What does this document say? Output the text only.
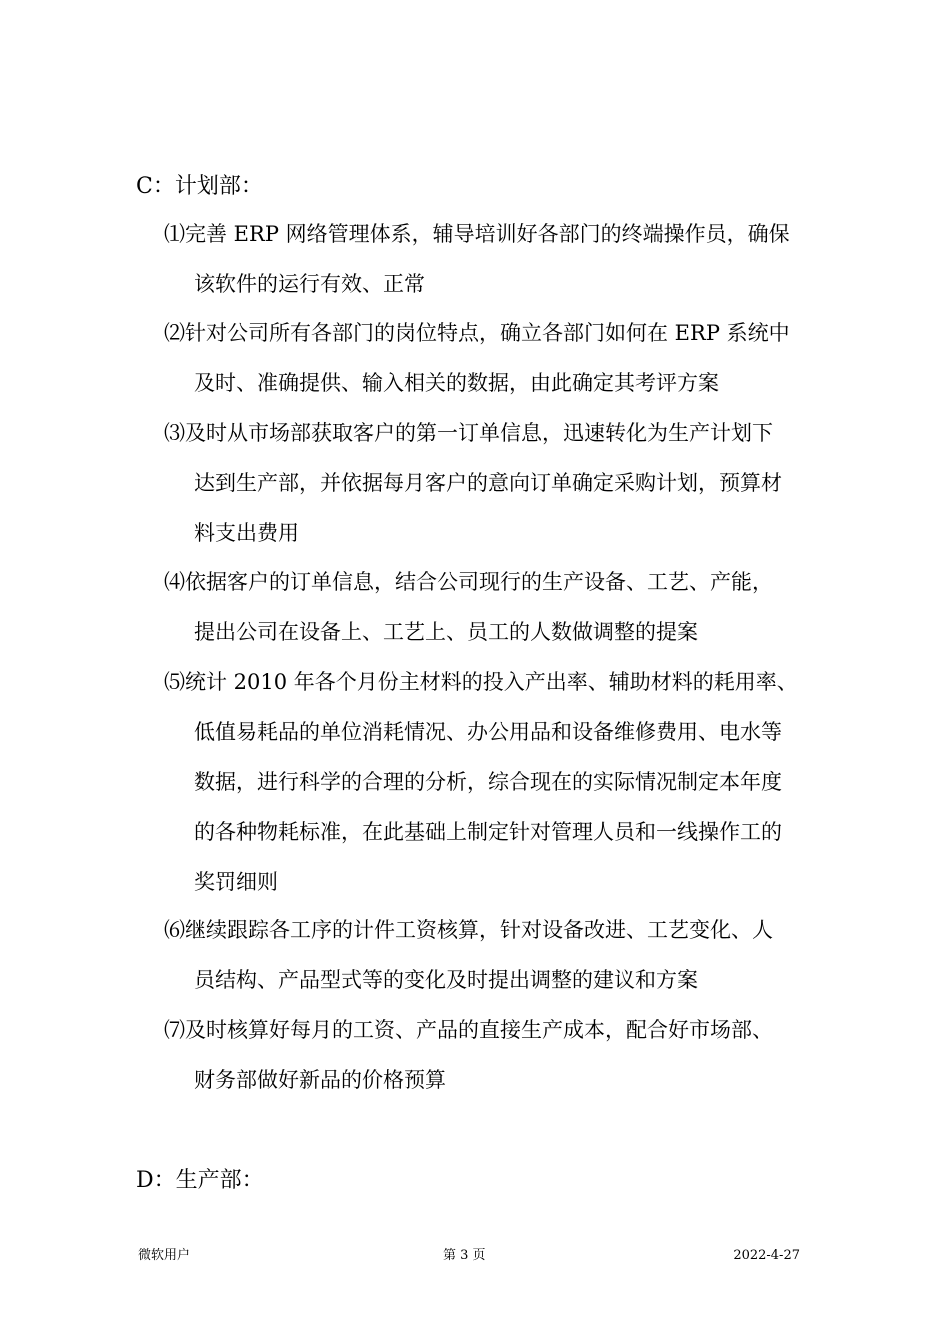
C：计划部：
⑴完善 ERP 网络管理体系，辅导培训好各部门的终端操作员，确保
该软件的运行有效、正常
⑵针对公司所有各部门的岗位特点，确立各部门如何在 ERP 系统中
及时、准确提供、输入相关的数据，由此确定其考评方案
⑶及时从市场部获取客户的第一订单信息，迅速转化为生产计划下
达到生产部，并依据每月客户的意向订单确定采购计划，预算材
料支出费用
⑷依据客户的订单信息，结合公司现行的生产设备、工艺、产能，
提出公司在设备上、工艺上、员工的人数做调整的提案
⑸统计 2010 年各个月份主材料的投入产出率、辅助材料的耗用率、
低值易耗品的单位消耗情况、办公用品和设备维修费用、电水等
数据，进行科学的合理的分析，综合现在的实际情况制定本年度
的各种物耗标准，在此基础上制定针对管理人员和一线操作工的
奖罚细则
⑹继续跟踪各工序的计件工资核算，针对设备改进、工艺变化、人
员结构、产品型式等的变化及时提出调整的建议和方案
⑺及时核算好每月的工资、产品的直接生产成本，配合好市场部、
财务部做好新品的价格预算
D：生产部：
微软用户	第 3 页	2022-4-27
